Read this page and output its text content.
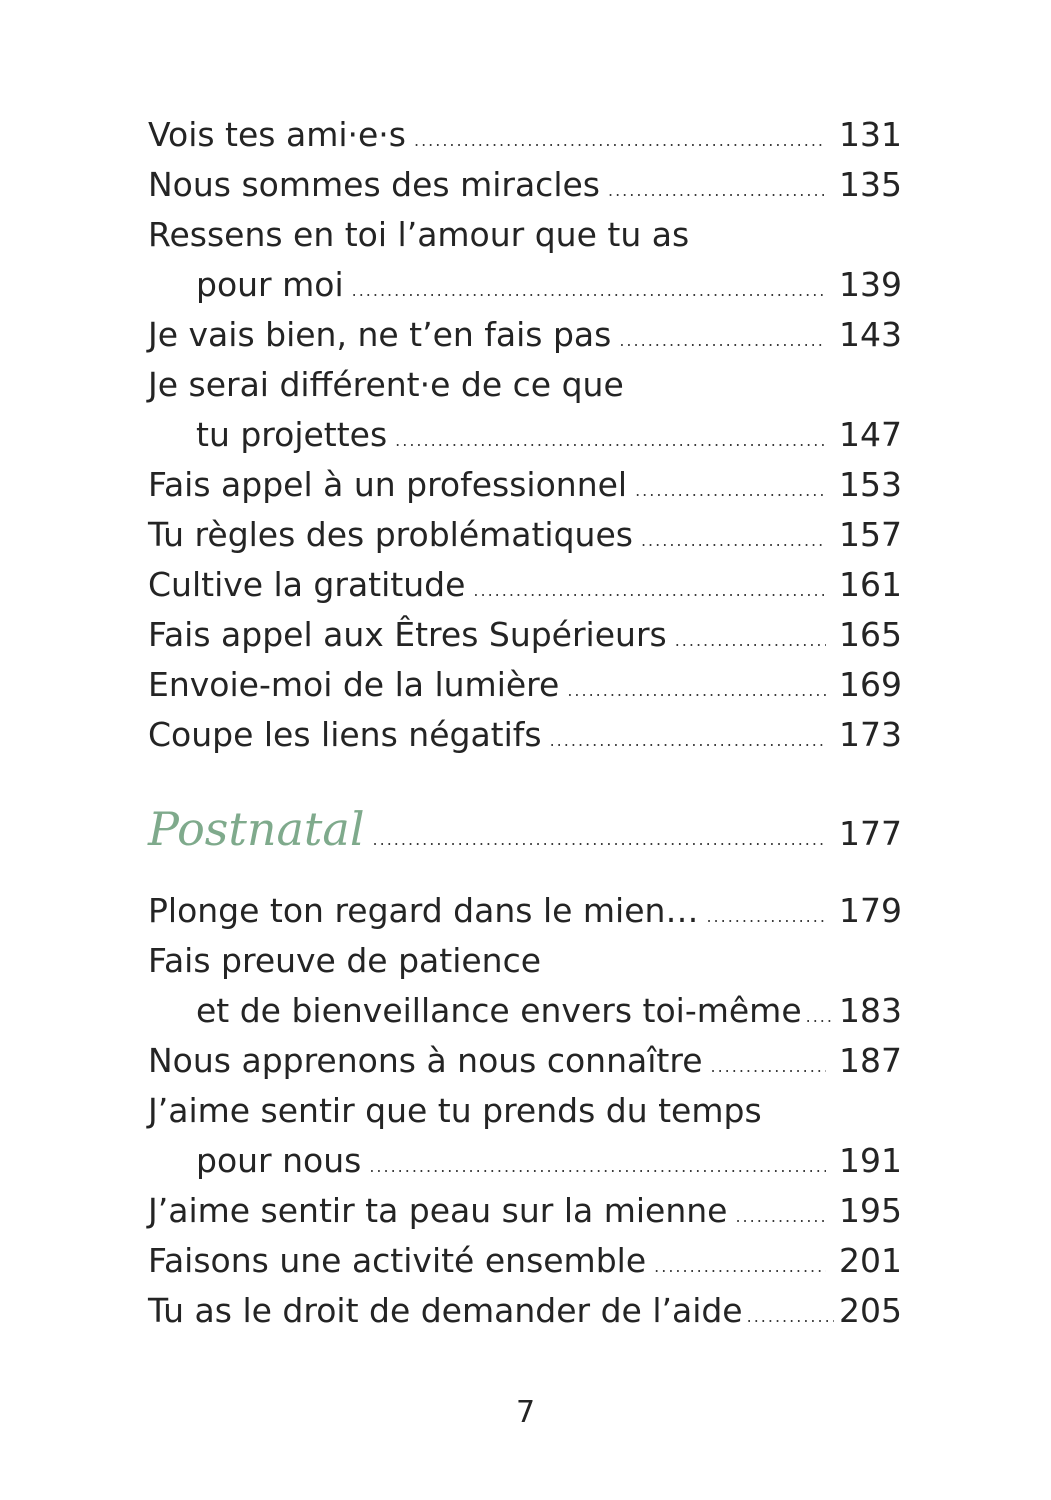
Vois tes ami·e·s .....	131
Nous sommes des miracles .....	135
Ressens en toi l’amour que tu as
pour moi .....	139
Je vais bien, ne t’en fais pas .....	143
Je serai différent·e de ce que
tu projettes .....	147
Fais appel à un professionnel .....	153
Tu règles des problématiques .....	157
Cultive la gratitude .....	161
Fais appel aux Êtres Supérieurs .....	165
Envoie-moi de la lumière .....	169
Coupe les liens négatifs .....	173
Postnatal .....	177
Plonge ton regard dans le mien… .....	179
Fais preuve de patience
et de bienveillance envers toi-même ..... 183
Nous apprenons à nous connaître .....	187
J’aime sentir que tu prends du temps
pour nous .....	191
J’aime sentir ta peau sur la mienne .....	195
Faisons une activité ensemble .....	201
Tu as le droit de demander de l’aide .....	205
7
